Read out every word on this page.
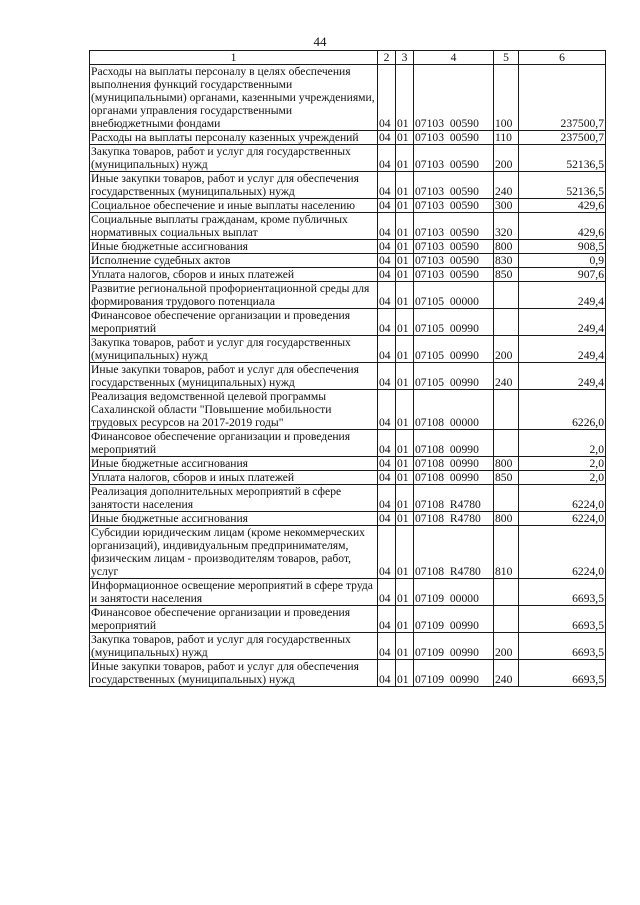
44
1	2	3	4	5	6
Расходы на выплаты персоналу в целях обеспечения выполнения функций государственными (муниципальными) органами, казенными учреждениями, органами управления государственными внебюджетными фондами	04	01	07103 00590	100	237500,7
Расходы на выплаты персоналу казенных учреждений	04	01	07103 00590	110	237500,7
Закупка товаров, работ и услуг для государственных (муниципальных) нужд	04	01	07103 00590	200	52136,5
Иные закупки товаров, работ и услуг для обеспечения государственных (муниципальных) нужд	04	01	07103 00590	240	52136,5
Социальное обеспечение и иные выплаты населению	04	01	07103 00590	300	429,6
Социальные выплаты гражданам, кроме публичных нормативных социальных выплат	04	01	07103 00590	320	429,6
Иные бюджетные ассигнования	04	01	07103 00590	800	908,5
Исполнение судебных актов	04	01	07103 00590	830	0,9
Уплата налогов, сборов и иных платежей	04	01	07103 00590	850	907,6
Развитие региональной профориентационной среды для формирования трудового потенциала	04	01	07105 00000		249,4
Финансовое обеспечение организации и проведения мероприятий	04	01	07105 00990		249,4
Закупка товаров, работ и услуг для государственных (муниципальных) нужд	04	01	07105 00990	200	249,4
Иные закупки товаров, работ и услуг для обеспечения государственных (муниципальных) нужд	04	01	07105 00990	240	249,4
Реализация ведомственной целевой программы Сахалинской области "Повышение мобильности трудовых ресурсов на 2017-2019 годы"	04	01	07108 00000		6226,0
Финансовое обеспечение организации и проведения мероприятий	04	01	07108 00990		2,0
Иные бюджетные ассигнования	04	01	07108 00990	800	2,0
Уплата налогов, сборов и иных платежей	04	01	07108 00990	850	2,0
Реализация дополнительных мероприятий в сфере занятости населения	04	01	07108 R4780		6224,0
Иные бюджетные ассигнования	04	01	07108 R4780	800	6224,0
Субсидии юридическим лицам (кроме некоммерческих организаций), индивидуальным предпринимателям, физическим лицам - производителям товаров, работ, услуг	04	01	07108 R4780	810	6224,0
Информационное освещение мероприятий в сфере труда и занятости населения	04	01	07109 00000		6693,5
Финансовое обеспечение организации и проведения мероприятий	04	01	07109 00990		6693,5
Закупка товаров, работ и услуг для государственных (муниципальных) нужд	04	01	07109 00990	200	6693,5
Иные закупки товаров, работ и услуг для обеспечения государственных (муниципальных) нужд	04	01	07109 00990	240	6693,5
